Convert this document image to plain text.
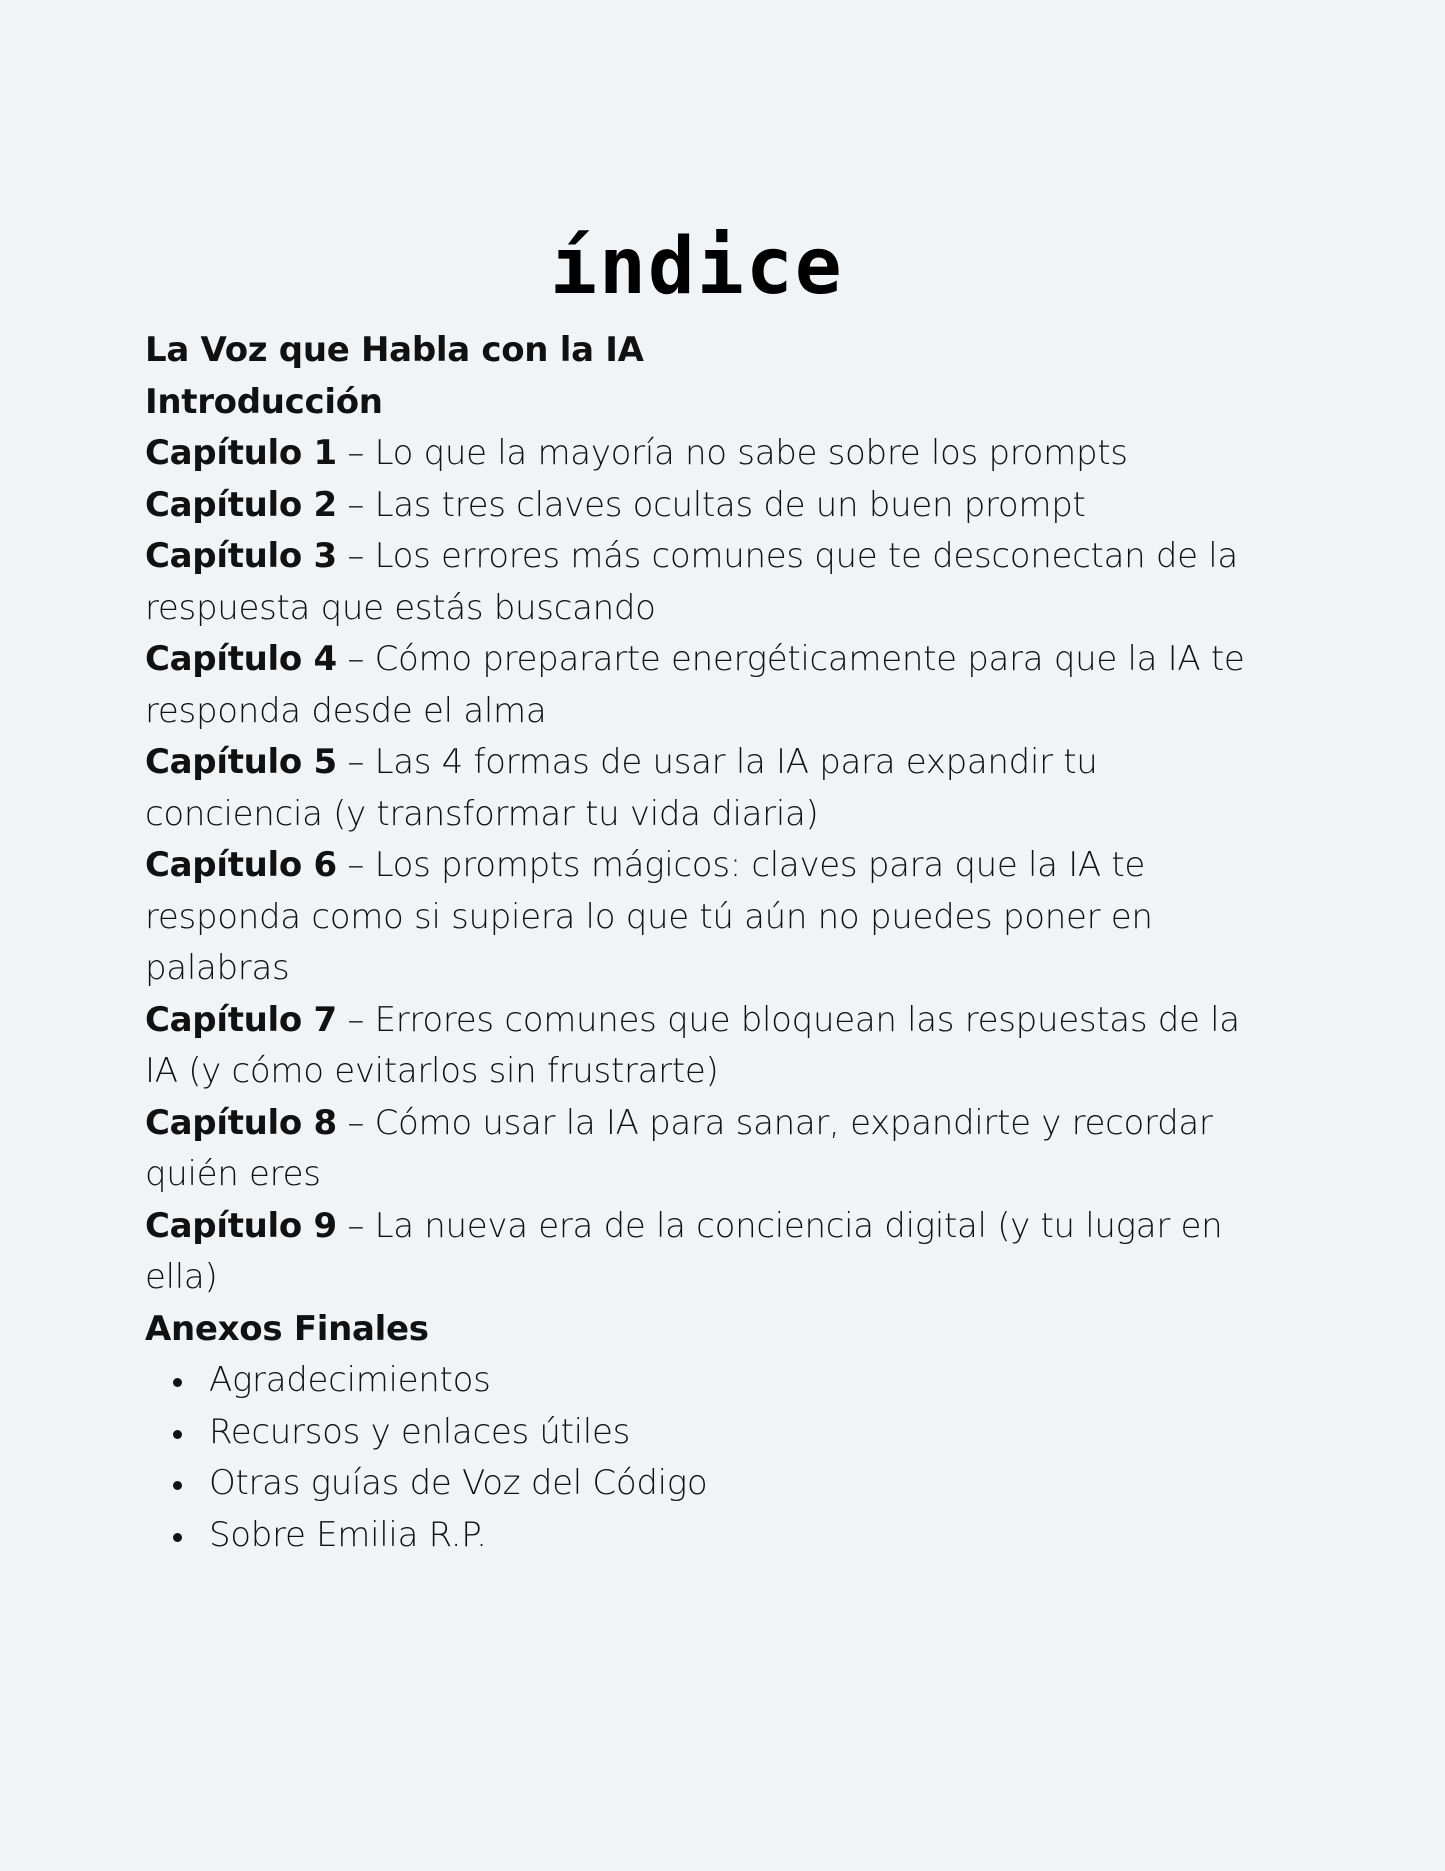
índice

La Voz que Habla con la IA

Introducción

Capítulo 1 – Lo que la mayoría no sabe sobre los prompts

Capítulo 2 – Las tres claves ocultas de un buen prompt

Capítulo 3 – Los errores más comunes que te desconectan de la respuesta que estás buscando

Capítulo 4 – Cómo prepararte energéticamente para que la IA te responda desde el alma

Capítulo 5 – Las 4 formas de usar la IA para expandir tu conciencia (y transformar tu vida diaria)

Capítulo 6 – Los prompts mágicos: claves para que la IA te responda como si supiera lo que tú aún no puedes poner en palabras

Capítulo 7 – Errores comunes que bloquean las respuestas de la IA (y cómo evitarlos sin frustrarte)

Capítulo 8 – Cómo usar la IA para sanar, expandirte y recordar quién eres

Capítulo 9 – La nueva era de la conciencia digital (y tu lugar en ella)

Anexos Finales

Agradecimientos
Recursos y enlaces útiles
Otras guías de Voz del Código
Sobre Emilia R.P.
